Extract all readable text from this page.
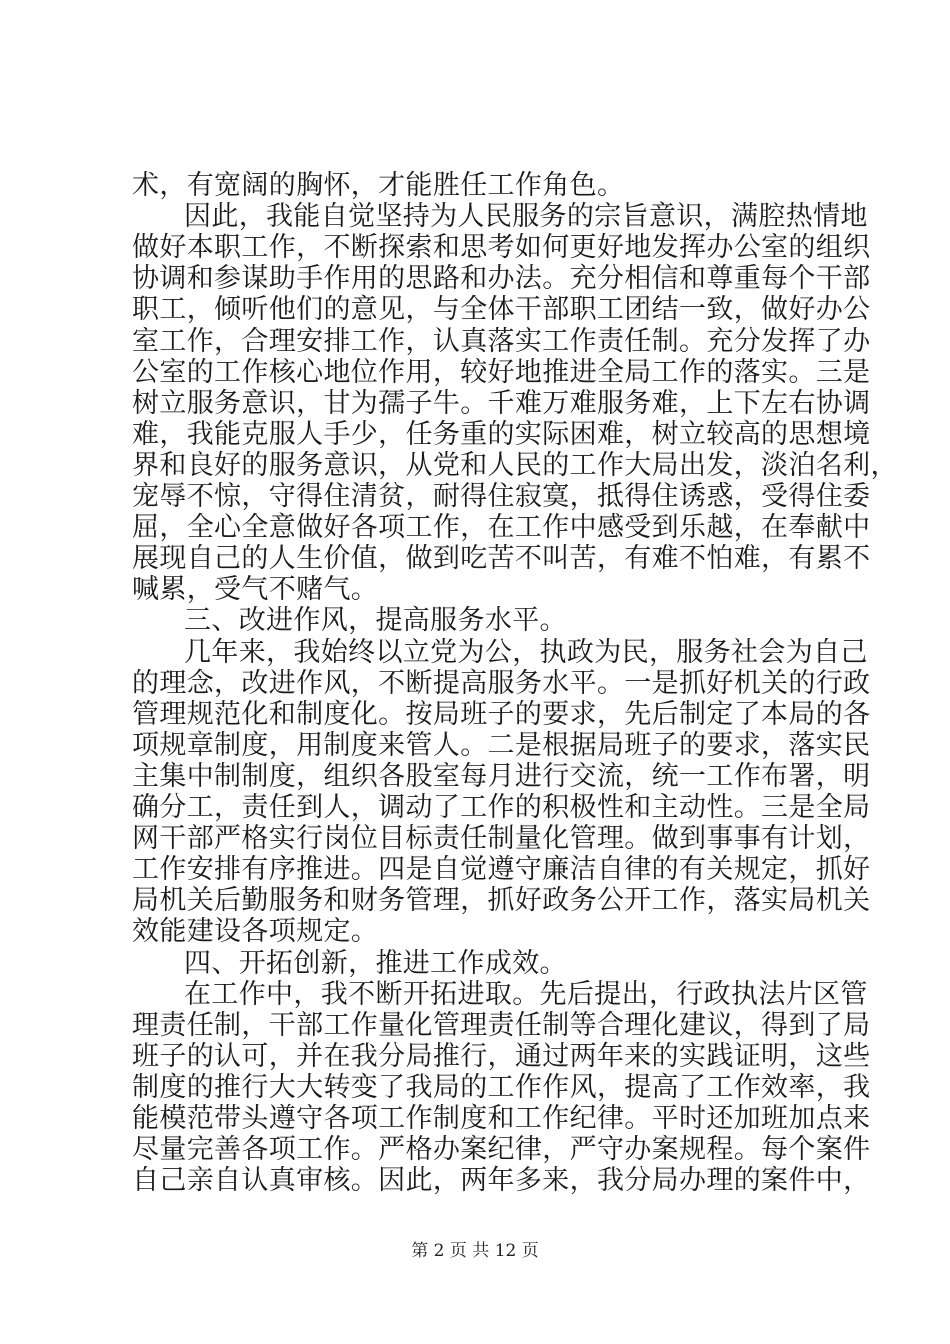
术，有宽阔的胸怀，才能胜任工作角色。
因此，我能自觉坚持为人民服务的宗旨意识，满腔热情地
做好本职工作，不断探索和思考如何更好地发挥办公室的组织
协调和参谋助手作用的思路和办法。充分相信和尊重每个干部
职工，倾听他们的意见，与全体干部职工团结一致，做好办公
室工作，合理安排工作，认真落实工作责任制。充分发挥了办
公室的工作核心地位作用，较好地推进全局工作的落实。三是
树立服务意识，甘为孺子牛。千难万难服务难，上下左右协调
难，我能克服人手少，任务重的实际困难，树立较高的思想境
界和良好的服务意识，从党和人民的工作大局出发，淡泊名利，
宠辱不惊，守得住清贫，耐得住寂寞，抵得住诱惑，受得住委
屈，全心全意做好各项工作，在工作中感受到乐越，在奉献中
展现自己的人生价值，做到吃苦不叫苦，有难不怕难，有累不
喊累，受气不赌气。
三、改进作风，提高服务水平。
几年来，我始终以立党为公，执政为民，服务社会为自己
的理念，改进作风，不断提高服务水平。一是抓好机关的行政
管理规范化和制度化。按局班子的要求，先后制定了本局的各
项规章制度，用制度来管人。二是根据局班子的要求，落实民
主集中制制度，组织各股室每月进行交流，统一工作布署，明
确分工，责任到人，调动了工作的积极性和主动性。三是全局
网干部严格实行岗位目标责任制量化管理。做到事事有计划，
工作安排有序推进。四是自觉遵守廉洁自律的有关规定，抓好
局机关后勤服务和财务管理，抓好政务公开工作，落实局机关
效能建设各项规定。
四、开拓创新，推进工作成效。
在工作中，我不断开拓进取。先后提出，行政执法片区管
理责任制，干部工作量化管理责任制等合理化建议，得到了局
班子的认可，并在我分局推行，通过两年来的实践证明，这些
制度的推行大大转变了我局的工作作风，提高了工作效率，我
能模范带头遵守各项工作制度和工作纪律。平时还加班加点来
尽量完善各项工作。严格办案纪律，严守办案规程。每个案件
自己亲自认真审核。因此，两年多来，我分局办理的案件中，
第 2 页 共 12 页
